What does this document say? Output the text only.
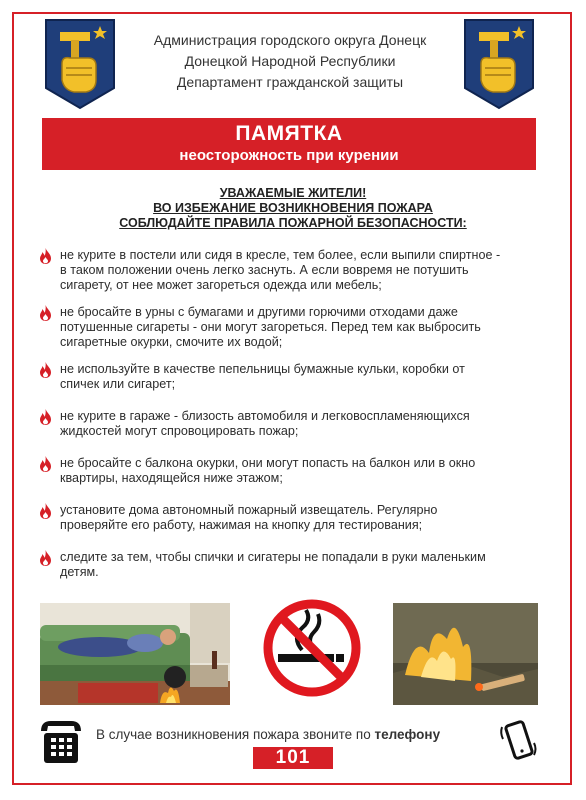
Администрация городского округа Донецк
Донецкой Народной Республики
Департамент гражданской защиты
ПАМЯТКА
неосторожность при курении
УВАЖАЕМЫЕ ЖИТЕЛИ!
ВО ИЗБЕЖАНИЕ ВОЗНИКНОВЕНИЯ ПОЖАРА
СОБЛЮДАЙТЕ ПРАВИЛА ПОЖАРНОЙ БЕЗОПАСНОСТИ:
не курите в постели или сидя в кресле, тем более, если выпили спиртное -
в таком положении очень легко заснуть. А если вовремя не потушить
сигарету, от нее может загореться одежда или мебель;
не бросайте в урны с бумагами и другими горючими отходами даже
потушенные сигареты - они могут загореться. Перед тем как выбросить
сигаретные окурки, смочите их водой;
не используйте в качестве пепельницы бумажные кульки, коробки от
спичек или сигарет;
не курите в гараже - близость автомобиля и легковоспламеняющихся
жидкостей могут спровоцировать пожар;
не бросайте с балкона окурки, они могут попасть на балкон или в окно
квартиры, находящейся ниже этажом;
установите дома автономный пожарный извещатель. Регулярно
проверяйте его работу, нажимая на кнопку для тестирования;
следите за тем, чтобы спички и сигатеры не попадали в руки маленьким
детям.
В случае возникновения пожара звоните по телефону
101
